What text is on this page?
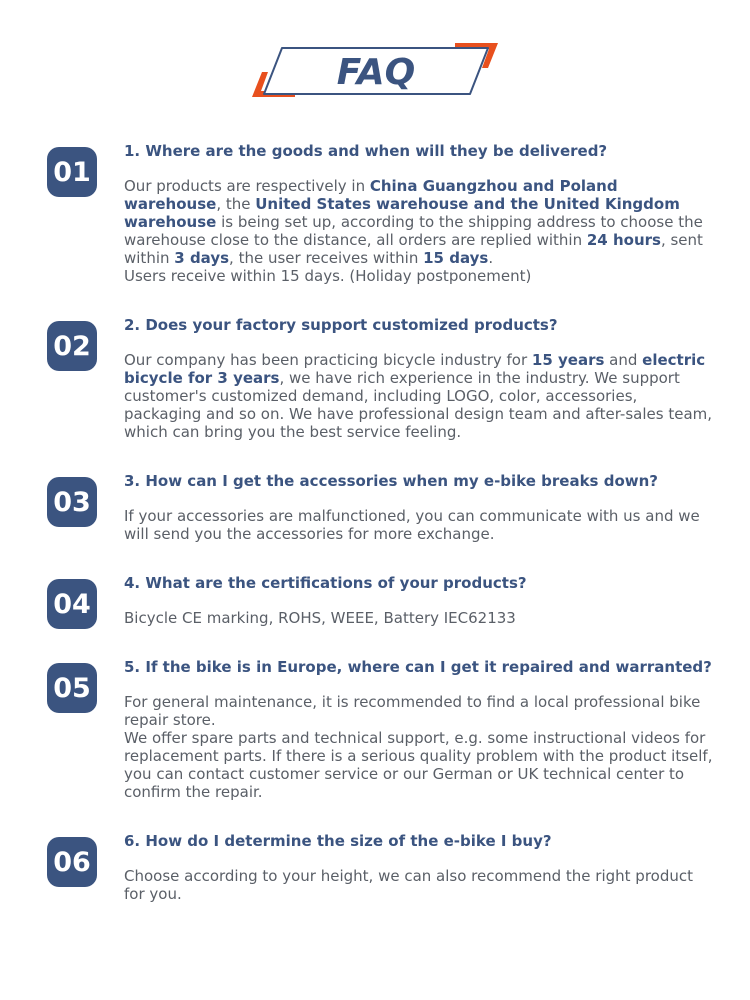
FAQ
01
1. Where are the goods and when will they be delivered?

Our products are respectively in China Guangzhou and Poland warehouse, the United States warehouse and the United Kingdom warehouse is being set up, according to the shipping address to choose the warehouse close to the distance, all orders are replied within 24 hours, sent within 3 days, the user receives within 15 days.

Users receive within 15 days. (Holiday postponement)

02
2. Does your factory support customized products?

Our company has been practicing bicycle industry for 15 years and electric bicycle for 3 years, we have rich experience in the industry. We support customer's customized demand, including LOGO, color, accessories, packaging and so on. We have professional design team and after-sales team, which can bring you the best service feeling.

03
3. How can I get the accessories when my e-bike breaks down?

If your accessories are malfunctioned, you can communicate with us and we will send you the accessories for more exchange.

04
4. What are the certifications of your products?

Bicycle CE marking, ROHS, WEEE, Battery IEC62133

05
5. If the bike is in Europe, where can I get it repaired and warranted?

For general maintenance, it is recommended to find a local professional bike repair store.

We offer spare parts and technical support, e.g. some instructional videos for replacement parts. If there is a serious quality problem with the product itself, you can contact customer service or our German or UK technical center to confirm the repair.

06
6. How do I determine the size of the e-bike I buy?

Choose according to your height, we can also recommend the right product for you.
